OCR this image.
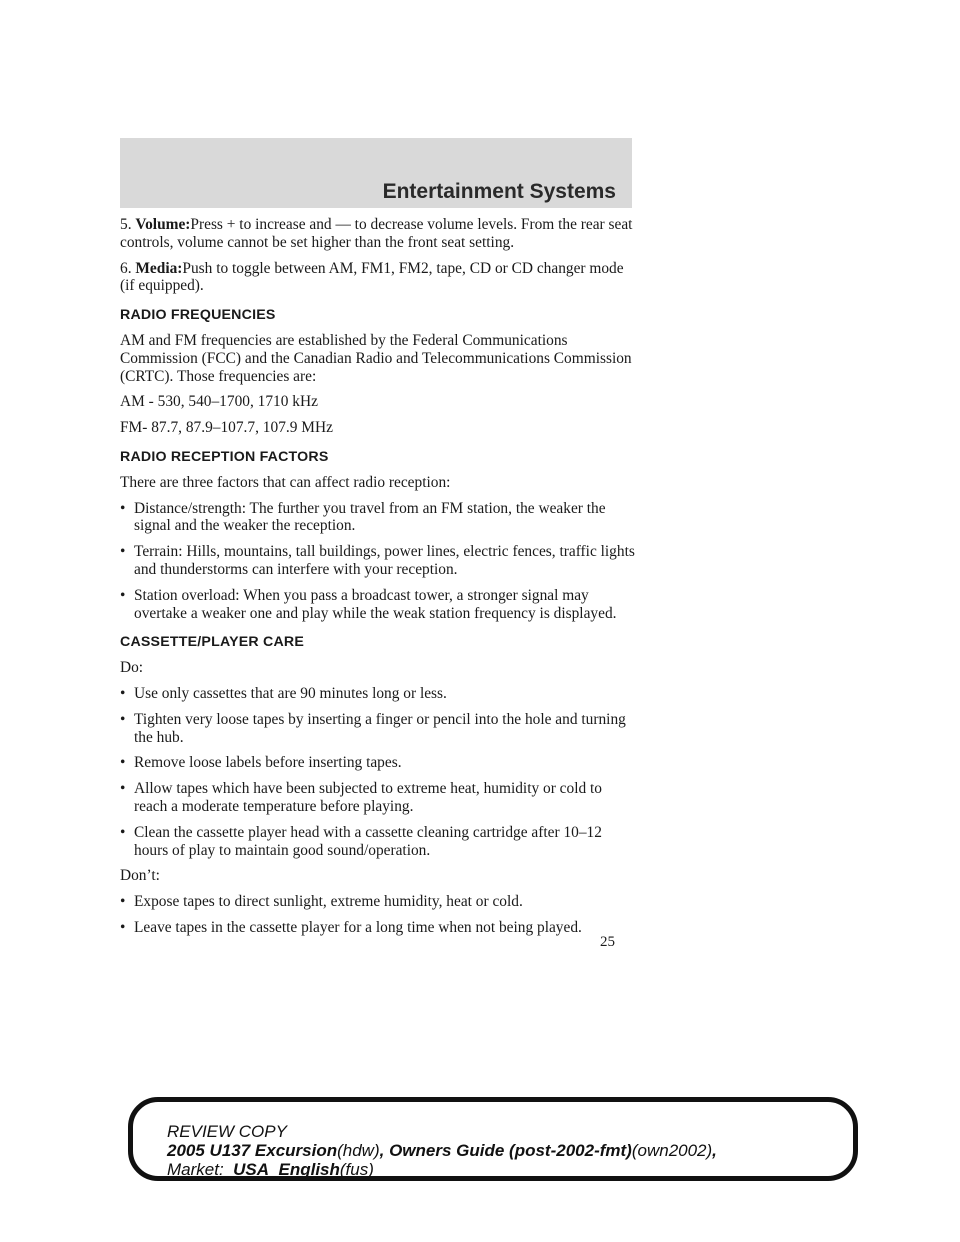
Entertainment Systems

5. Volume:Press + to increase and — to decrease volume levels. From the rear seat controls, volume cannot be set higher than the front seat setting.

6. Media:Push to toggle between AM, FM1, FM2, tape, CD or CD changer mode (if equipped).

RADIO FREQUENCIES

AM and FM frequencies are established by the Federal Communications Commission (FCC) and the Canadian Radio and Telecommunications Commission (CRTC). Those frequencies are:

AM - 530, 540–1700, 1710 kHz

FM- 87.7, 87.9–107.7, 107.9 MHz

RADIO RECEPTION FACTORS

There are three factors that can affect radio reception:

• Distance/strength: The further you travel from an FM station, the weaker the signal and the weaker the reception.
• Terrain: Hills, mountains, tall buildings, power lines, electric fences, traffic lights and thunderstorms can interfere with your reception.
• Station overload: When you pass a broadcast tower, a stronger signal may overtake a weaker one and play while the weak station frequency is displayed.
CASSETTE/PLAYER CARE

Do:

• Use only cassettes that are 90 minutes long or less.
• Tighten very loose tapes by inserting a finger or pencil into the hole and turning the hub.
• Remove loose labels before inserting tapes.
• Allow tapes which have been subjected to extreme heat, humidity or cold to reach a moderate temperature before playing.
• Clean the cassette player head with a cassette cleaning cartridge after 10–12 hours of play to maintain good sound/operation.

Don’t:

• Expose tapes to direct sunlight, extreme humidity, heat or cold.
• Leave tapes in the cassette player for a long time when not being played.
25
REVIEW COPY
2005 U137 Excursion(hdw), Owners Guide (post-2002-fmt)(own2002),
Market: USA_English(fus)
